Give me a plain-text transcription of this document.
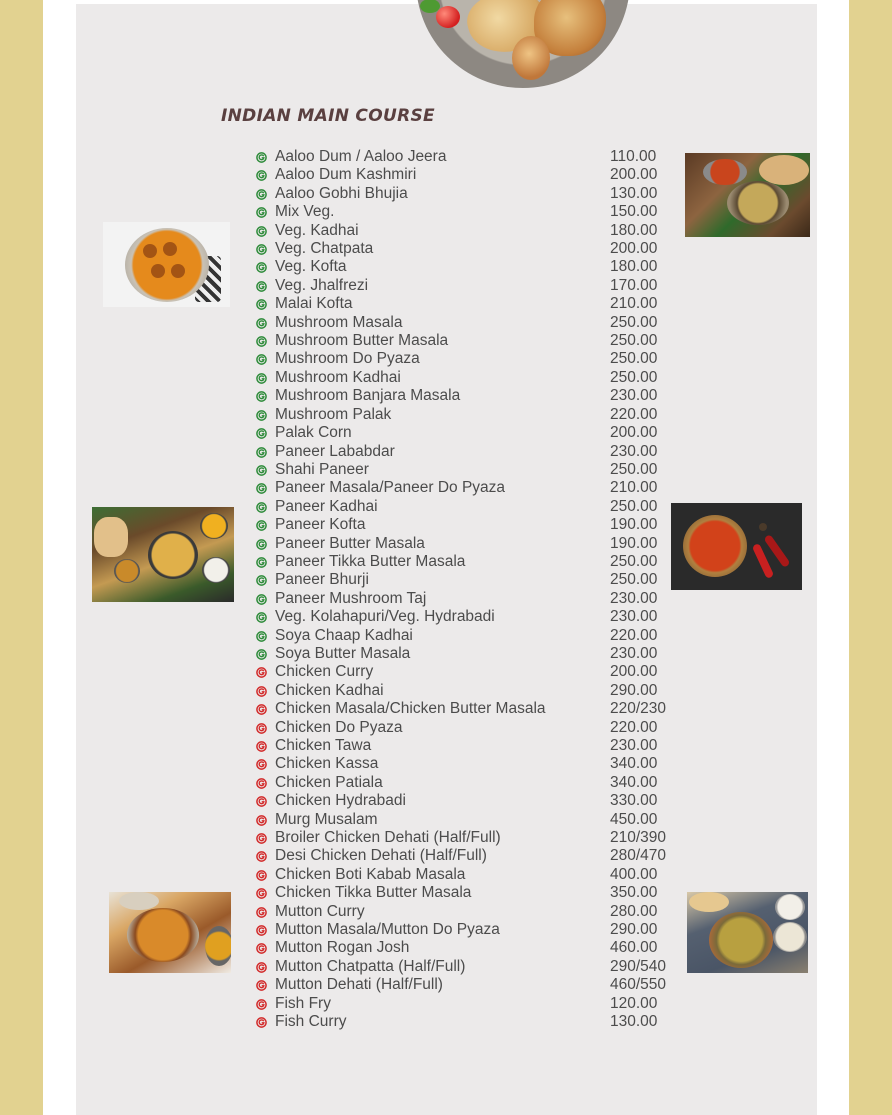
INDIAN MAIN COURSE
Aaloo Dum / Aaloo Jeera	110.00
Aaloo Dum Kashmiri	200.00
Aaloo Gobhi Bhujia	130.00
Mix Veg.	150.00
Veg. Kadhai	180.00
Veg. Chatpata	200.00
Veg. Kofta	180.00
Veg. Jhalfrezi	170.00
Malai Kofta	210.00
Mushroom Masala	250.00
Mushroom Butter Masala	250.00
Mushroom Do Pyaza	250.00
Mushroom Kadhai	250.00
Mushroom Banjara Masala	230.00
Mushroom Palak	220.00
Palak Corn	200.00
Paneer Lababdar	230.00
Shahi Paneer	250.00
Paneer Masala/Paneer Do Pyaza	210.00
Paneer Kadhai	250.00
Paneer Kofta	190.00
Paneer Butter Masala	190.00
Paneer Tikka Butter Masala	250.00
Paneer Bhurji	250.00
Paneer Mushroom Taj	230.00
Veg. Kolahapuri/Veg. Hydrabadi	230.00
Soya Chaap Kadhai	220.00
Soya Butter Masala	230.00
Chicken Curry	200.00
Chicken Kadhai	290.00
Chicken Masala/Chicken Butter Masala	220/230
Chicken Do Pyaza	220.00
Chicken Tawa	230.00
Chicken Kassa	340.00
Chicken Patiala	340.00
Chicken Hydrabadi	330.00
Murg Musalam	450.00
Broiler Chicken Dehati (Half/Full)	210/390
Desi Chicken Dehati (Half/Full)	280/470
Chicken Boti Kabab Masala	400.00
Chicken Tikka Butter Masala	350.00
Mutton Curry	280.00
Mutton Masala/Mutton Do Pyaza	290.00
Mutton Rogan Josh	460.00
Mutton Chatpatta (Half/Full)	290/540
Mutton Dehati (Half/Full)	460/550
Fish Fry	120.00
Fish Curry	130.00
